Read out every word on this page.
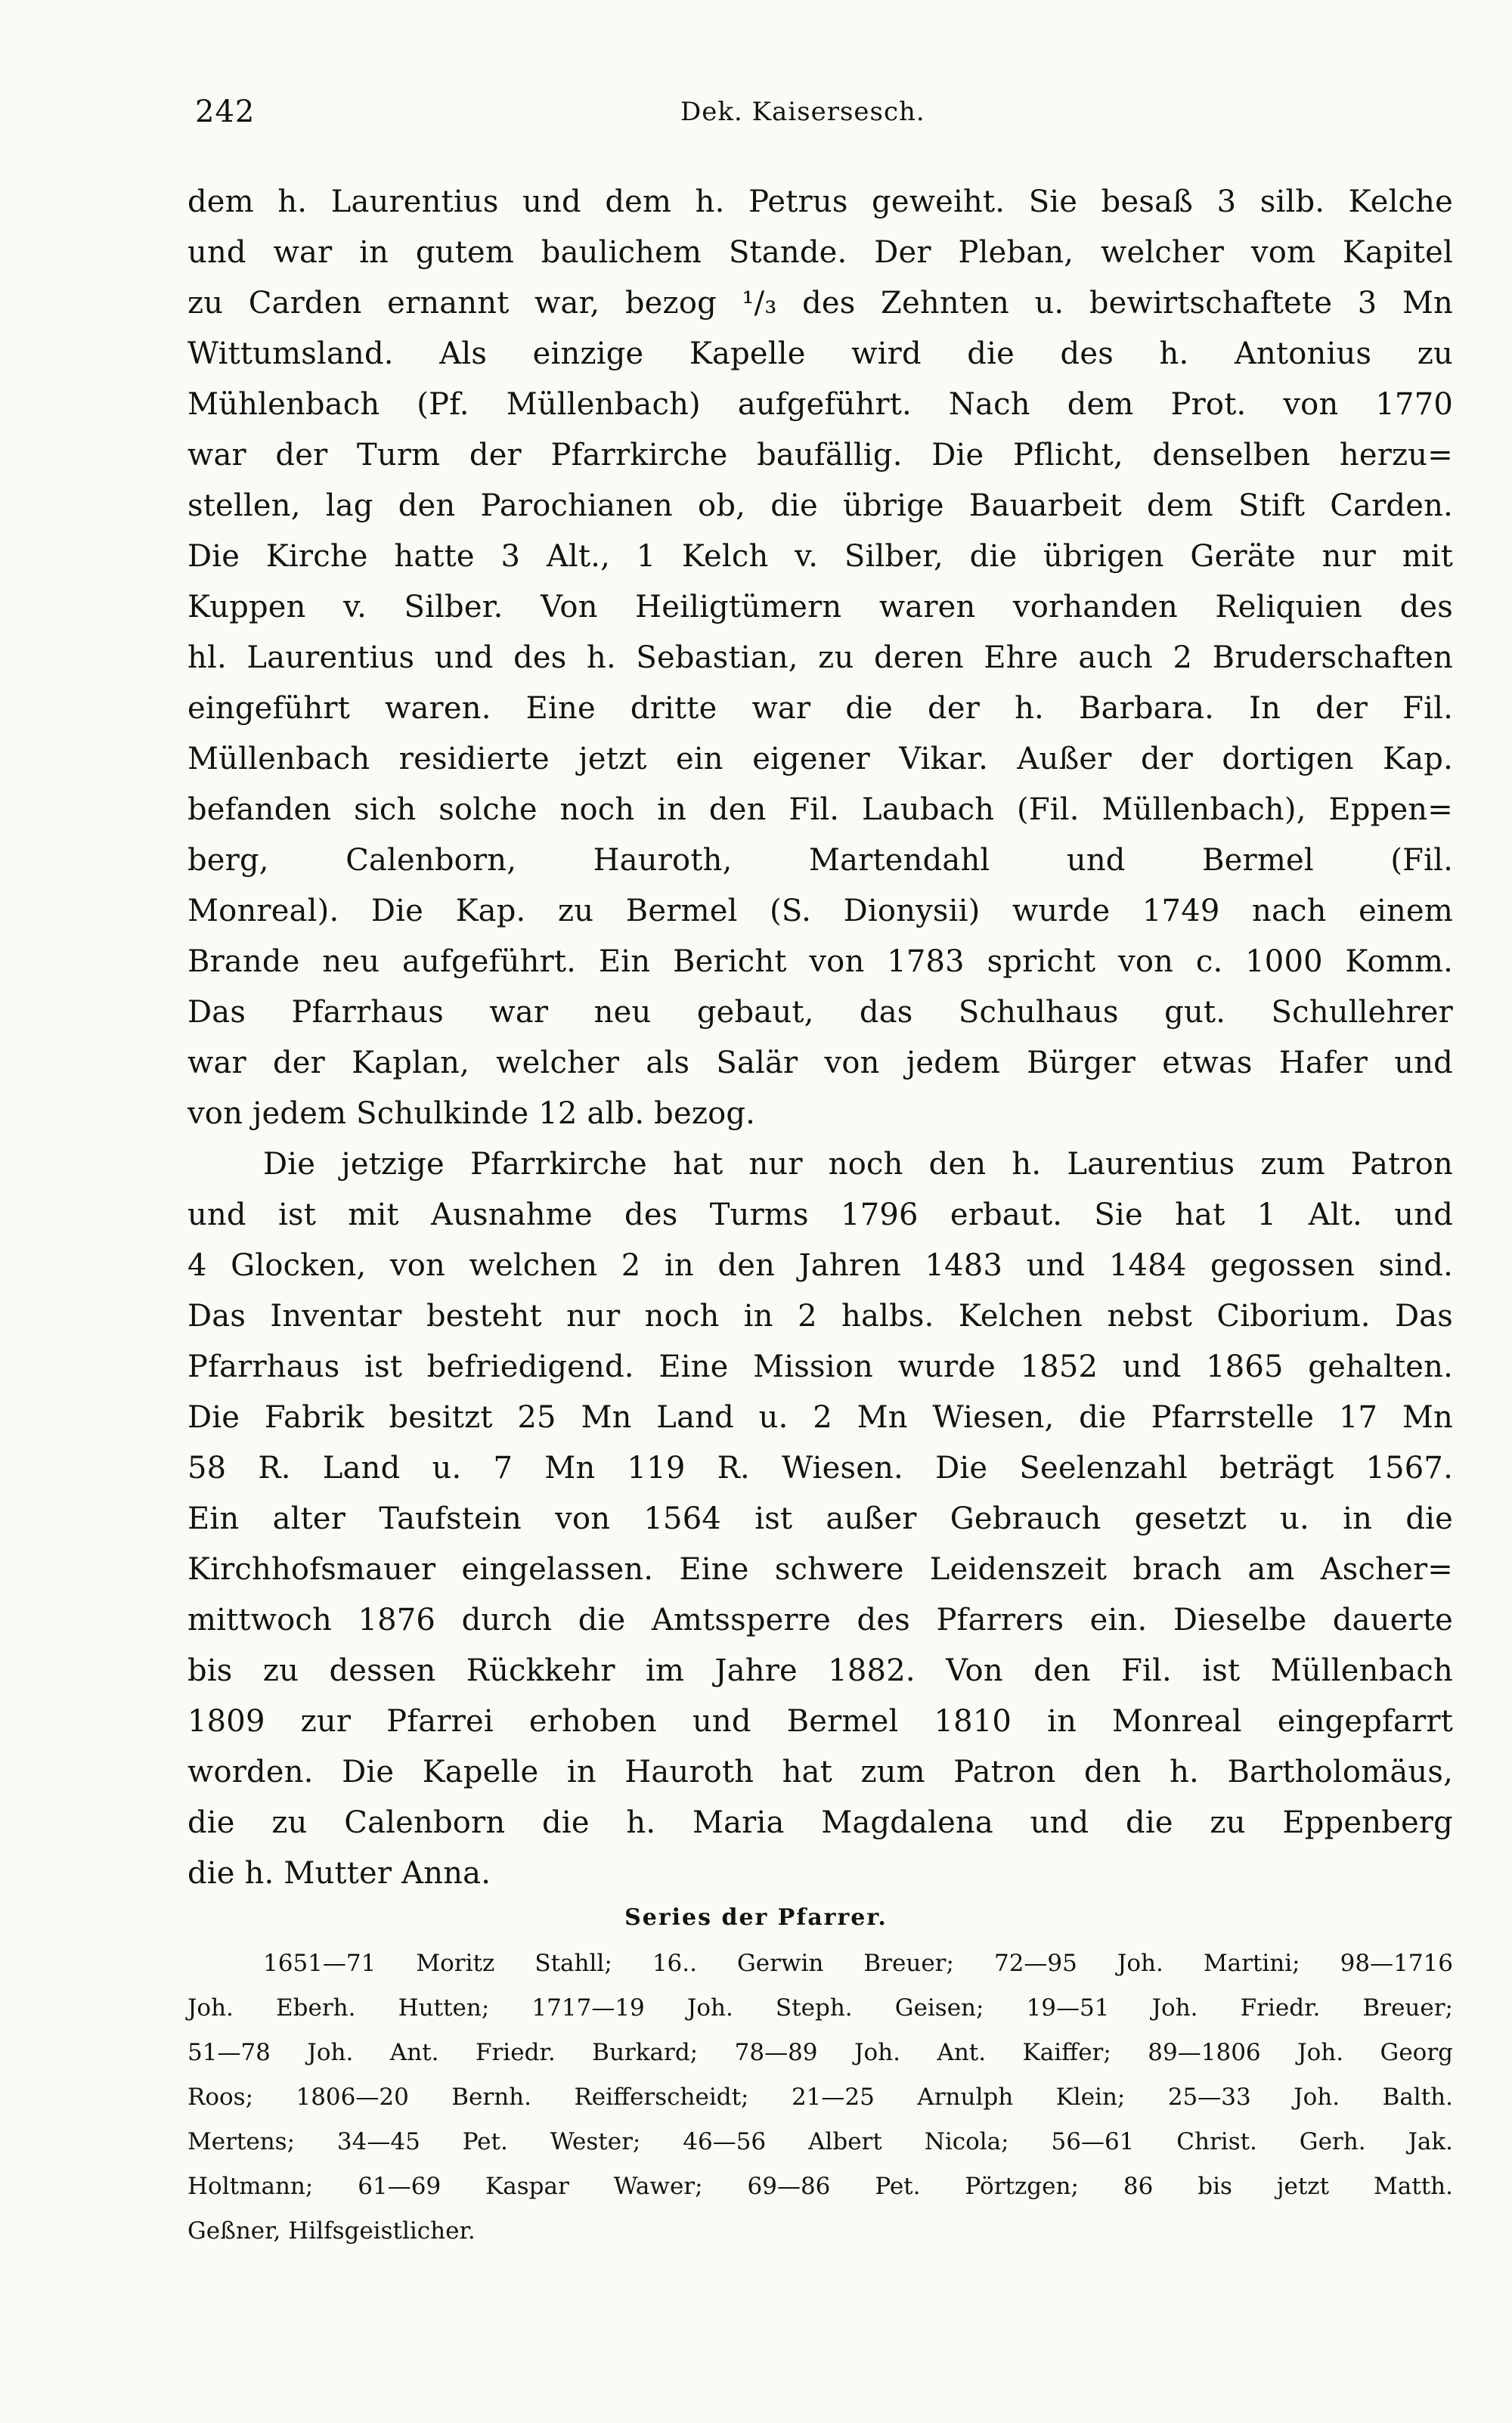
242	Dek. Kaisersesch.
dem h. Laurentius und dem h. Petrus geweiht. Sie besaß 3 silb. Kelche
und war in gutem baulichem Stande. Der Pleban, welcher vom Kapitel
zu Carden ernannt war, bezog ¹/₃ des Zehnten u. bewirtschaftete 3 Mn
Wittumsland. Als einzige Kapelle wird die des h. Antonius zu
Mühlenbach (Pf. Müllenbach) aufgeführt. Nach dem Prot. von 1770
war der Turm der Pfarrkirche baufällig. Die Pflicht, denselben herzu=
stellen, lag den Parochianen ob, die übrige Bauarbeit dem Stift Carden.
Die Kirche hatte 3 Alt., 1 Kelch v. Silber, die übrigen Geräte nur mit
Kuppen v. Silber. Von Heiligtümern waren vorhanden Reliquien des
hl. Laurentius und des h. Sebastian, zu deren Ehre auch 2 Bruderschaften
eingeführt waren. Eine dritte war die der h. Barbara. In der Fil.
Müllenbach residierte jetzt ein eigener Vikar. Außer der dortigen Kap.
befanden sich solche noch in den Fil. Laubach (Fil. Müllenbach), Eppen=
berg, Calenborn, Hauroth, Martendahl und Bermel (Fil.
Monreal). Die Kap. zu Bermel (S. Dionysii) wurde 1749 nach einem
Brande neu aufgeführt. Ein Bericht von 1783 spricht von c. 1000 Komm.
Das Pfarrhaus war neu gebaut, das Schulhaus gut. Schullehrer
war der Kaplan, welcher als Salär von jedem Bürger etwas Hafer und
von jedem Schulkinde 12 alb. bezog.
Die jetzige Pfarrkirche hat nur noch den h. Laurentius zum Patron
und ist mit Ausnahme des Turms 1796 erbaut. Sie hat 1 Alt. und
4 Glocken, von welchen 2 in den Jahren 1483 und 1484 gegossen sind.
Das Inventar besteht nur noch in 2 halbs. Kelchen nebst Ciborium. Das
Pfarrhaus ist befriedigend. Eine Mission wurde 1852 und 1865 gehalten.
Die Fabrik besitzt 25 Mn Land u. 2 Mn Wiesen, die Pfarrstelle 17 Mn
58 R. Land u. 7 Mn 119 R. Wiesen. Die Seelenzahl beträgt 1567.
Ein alter Taufstein von 1564 ist außer Gebrauch gesetzt u. in die
Kirchhofsmauer eingelassen. Eine schwere Leidenszeit brach am Ascher=
mittwoch 1876 durch die Amtssperre des Pfarrers ein. Dieselbe dauerte
bis zu dessen Rückkehr im Jahre 1882. Von den Fil. ist Müllenbach
1809 zur Pfarrei erhoben und Bermel 1810 in Monreal eingepfarrt
worden. Die Kapelle in Hauroth hat zum Patron den h. Bartholomäus,
die zu Calenborn die h. Maria Magdalena und die zu Eppenberg
die h. Mutter Anna.
Series der Pfarrer.
1651—71 Moritz Stahll; 16.. Gerwin Breuer; 72—95 Joh. Martini; 98—1716
Joh. Eberh. Hutten; 1717—19 Joh. Steph. Geisen; 19—51 Joh. Friedr. Breuer;
51—78 Joh. Ant. Friedr. Burkard; 78—89 Joh. Ant. Kaiffer; 89—1806 Joh. Georg
Roos; 1806—20 Bernh. Reifferscheidt; 21—25 Arnulph Klein; 25—33 Joh. Balth.
Mertens; 34—45 Pet. Wester; 46—56 Albert Nicola; 56—61 Christ. Gerh. Jak.
Holtmann; 61—69 Kaspar Wawer; 69—86 Pet. Pörtzgen; 86 bis jetzt Matth.
Geßner, Hilfsgeistlicher.
